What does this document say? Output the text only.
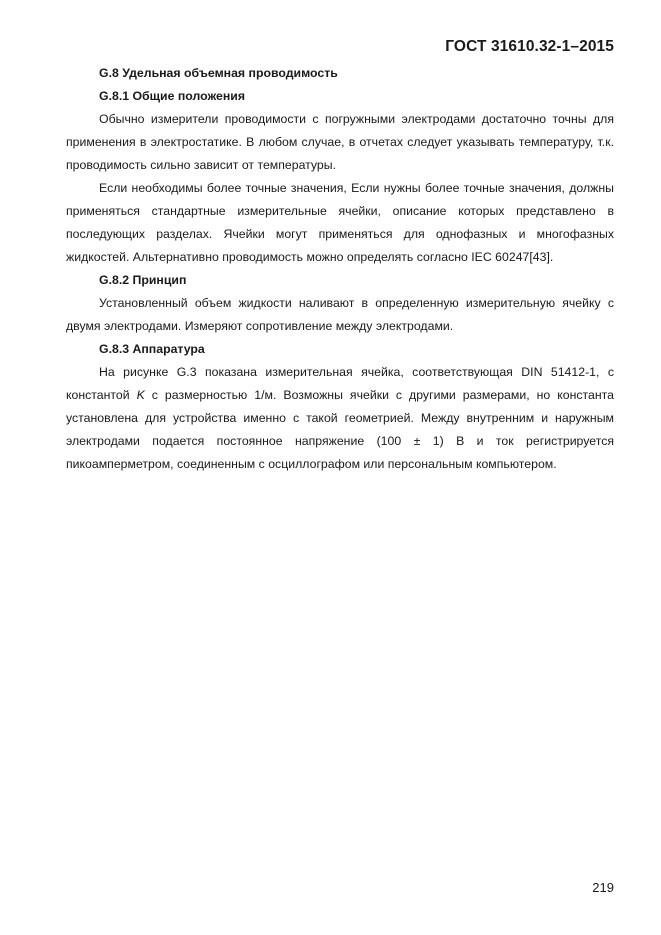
ГОСТ 31610.32-1–2015

G.8 Удельная объемная проводимость

G.8.1 Общие положения

Обычно измерители проводимости с погружными электродами достаточно точны для применения в электростатике. В любом случае, в отчетах следует указывать температуру, т.к. проводимость сильно зависит от температуры.

Если необходимы более точные значения, Если нужны более точные значения, должны применяться стандартные измерительные ячейки, описание которых представлено в последующих разделах. Ячейки могут применяться для однофазных и многофазных жидкостей. Альтернативно проводимость можно определять согласно IEC 60247[43].

G.8.2 Принцип

Установленный объем жидкости наливают в определенную измерительную ячейку с двумя электродами. Измеряют сопротивление между электродами.

G.8.3 Аппаратура

На рисунке G.3 показана измерительная ячейка, соответствующая DIN 51412-1, с константой K с размерностью 1/м. Возможны ячейки с другими размерами, но константа установлена для устройства именно с такой геометрией. Между внутренним и наружным электродами подается постоянное напряжение (100 ± 1) В и ток регистрируется пикоамперметром, соединенным с осциллографом или персональным компьютером.

219
